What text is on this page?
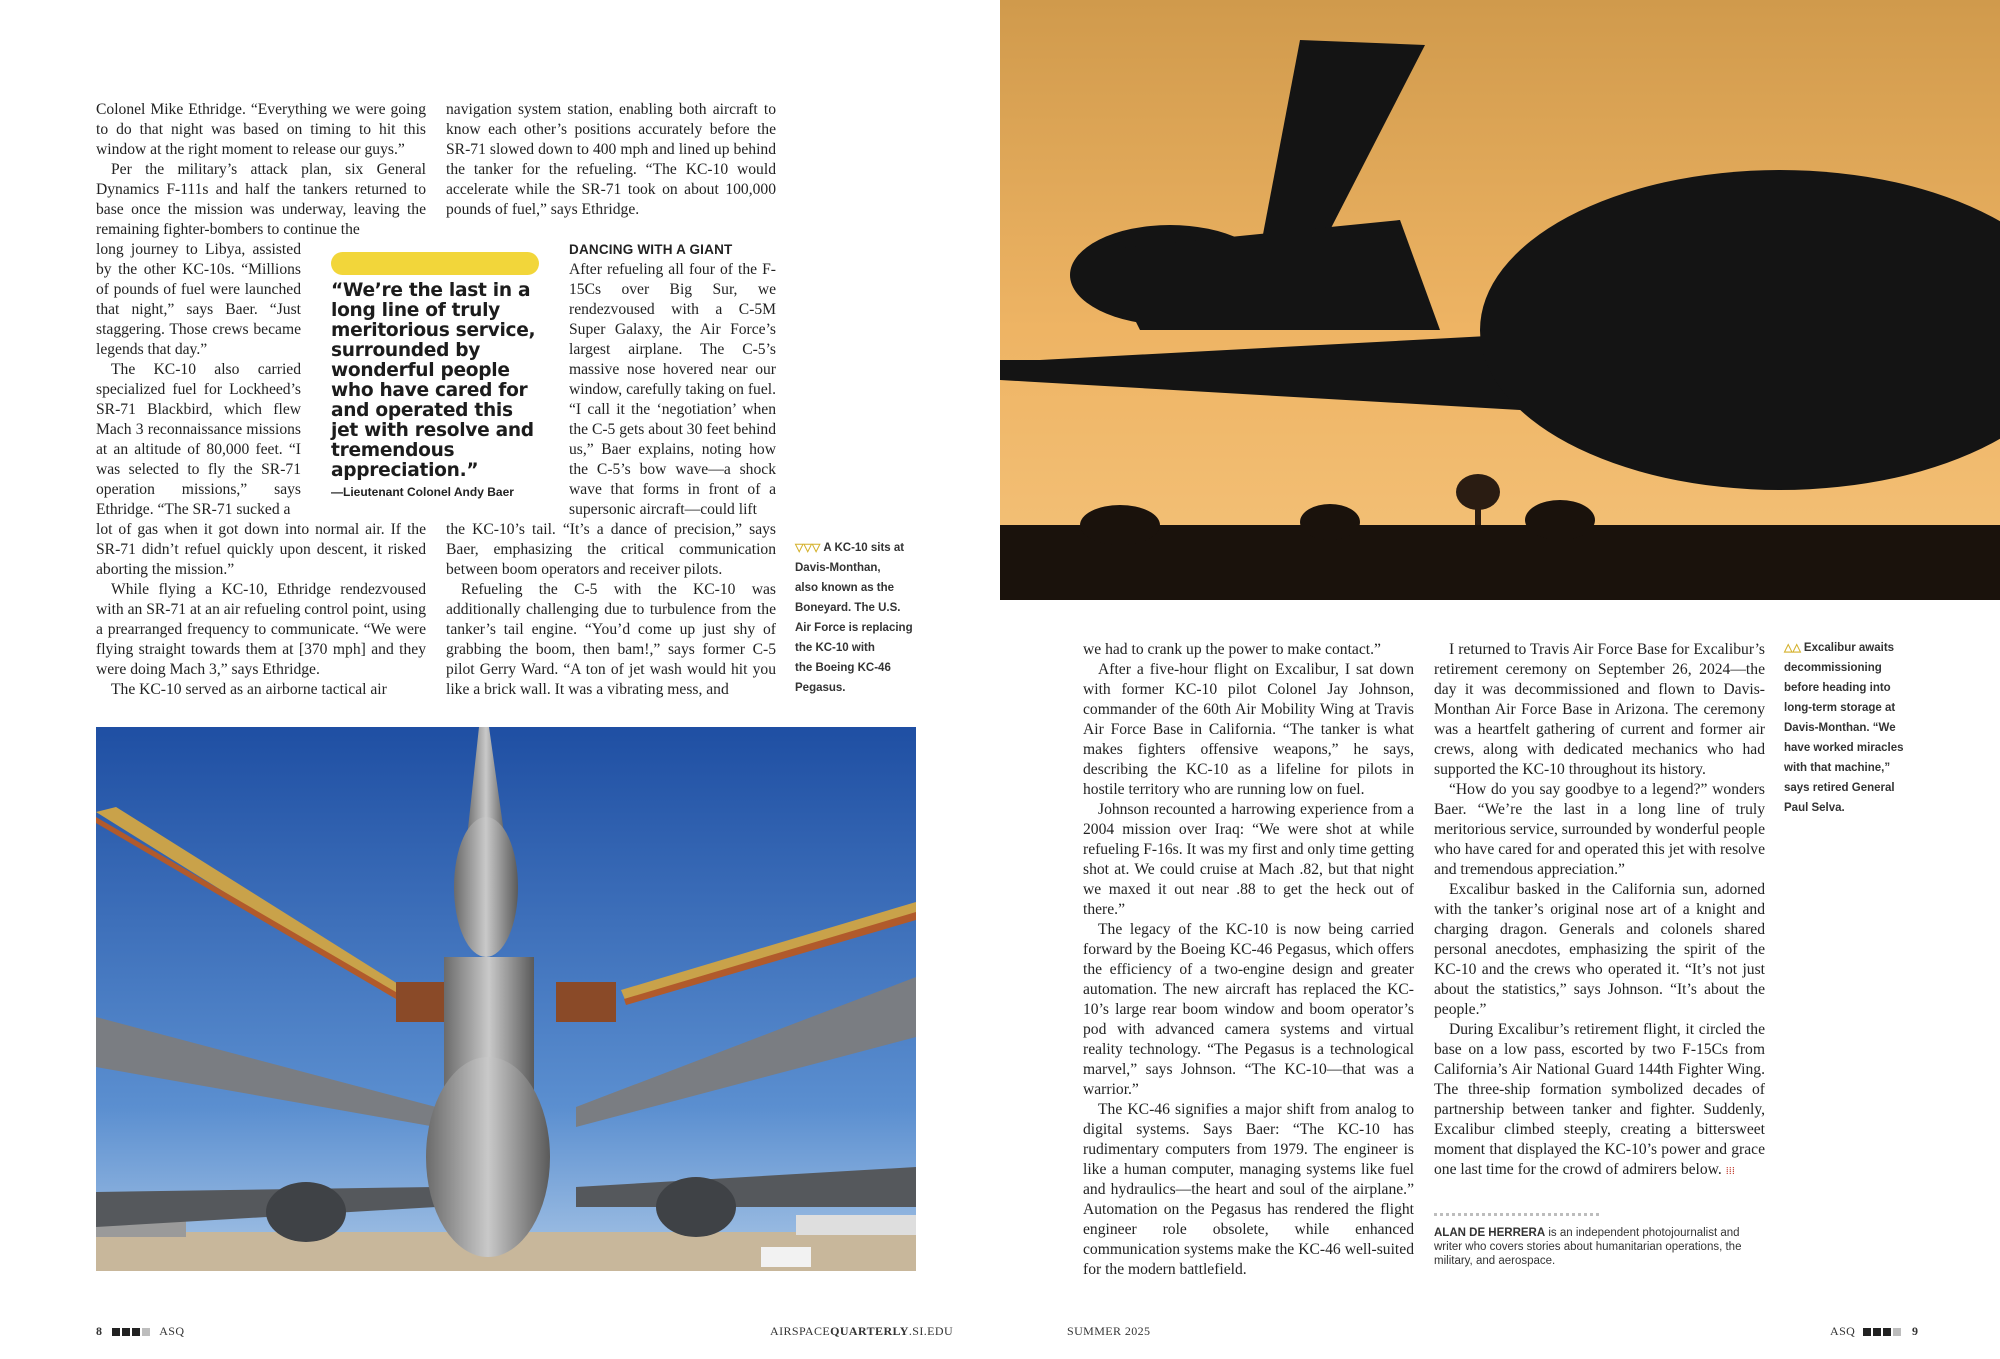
Colonel Mike Ethridge. “Everything we were going to do that night was based on timing to hit this window at the right moment to release our guys.”

Per the military’s attack plan, six General Dynamics F-111s and half the tankers returned to base once the mission was underway, leaving the remaining fighter-bombers to continue the

long journey to Libya, assisted by the other KC-10s. “Millions of pounds of fuel were launched that night,” says Baer. “Just staggering. Those crews became legends that day.”

The KC-10 also carried specialized fuel for Lockheed’s SR-71 Blackbird, which flew Mach 3 reconnaissance missions at an altitude of 80,000 feet. “I was selected to fly the SR-71 operation missions,” says Ethridge. “The SR-71 sucked a

lot of gas when it got down into normal air. If the SR-71 didn’t refuel quickly upon descent, it risked aborting the mission.”

While flying a KC-10, Ethridge rendezvoused with an SR-71 at an air refueling control point, using a prearranged frequency to communicate. “We were flying straight towards them at [370 mph] and they were doing Mach 3,” says Ethridge.

The KC-10 served as an airborne tactical air

navigation system station, enabling both aircraft to know each other’s positions accurately before the SR-71 slowed down to 400 mph and lined up behind the tanker for the refueling. “The KC-10 would accelerate while the SR-71 took on about 100,000 pounds of fuel,” says Ethridge.

DANCING WITH A GIANT

After refueling all four of the F-15Cs over Big Sur, we rendezvoused with a C-5M Super Galaxy, the Air Force’s largest airplane. The C-5’s massive nose hovered near our window, carefully taking on fuel. “I call it the ‘negotiation’ when the C-5 gets about 30 feet behind us,” Baer explains, noting how the C-5’s bow wave—a shock wave that forms in front of a supersonic aircraft—could lift

the KC-10’s tail. “It’s a dance of precision,” says Baer, emphasizing the critical communication between boom operators and receiver pilots.

Refueling the C-5 with the KC-10 was additionally challenging due to turbulence from the tanker’s tail engine. “You’d come up just shy of grabbing the boom, then bam!,” says former C-5 pilot Gerry Ward. “A ton of jet wash would hit you like a brick wall. It was a vibrating mess, and

“We’re the last in a long line of truly meritorious service, surrounded by wonderful people who have cared for and operated this jet with resolve and tremendous appreciation.”
—Lieutenant Colonel Andy Baer
▽▽▽ A KC-10 sits at
Davis-Monthan,
also known as the
Boneyard. The U.S.
Air Force is replacing
the KC-10 with
the Boeing KC-46
Pegasus.
8	ASQ	AIRSPACEQUARTERLY.SI.EDU

we had to crank up the power to make contact.”

After a five-hour flight on Excalibur, I sat down with former KC-10 pilot Colonel Jay Johnson, commander of the 60th Air Mobility Wing at Travis Air Force Base in California. “The tanker is what makes fighters offensive weapons,” he says, describing the KC-10 as a lifeline for pilots in hostile territory who are running low on fuel.

Johnson recounted a harrowing experience from a 2004 mission over Iraq: “We were shot at while refueling F-16s. It was my first and only time getting shot at. We could cruise at Mach .82, but that night we maxed it out near .88 to get the heck out of there.”

The legacy of the KC-10 is now being carried forward by the Boeing KC-46 Pegasus, which offers the efficiency of a two-engine design and greater automation. The new aircraft has replaced the KC-10’s large rear boom window and boom operator’s pod with advanced camera systems and virtual reality technology. “The Pegasus is a technological marvel,” says Johnson. “The KC-10—that was a warrior.”

The KC-46 signifies a major shift from analog to digital systems. Says Baer: “The KC-10 has rudimentary computers from 1979. The engineer is like a human computer, managing systems like fuel and hydraulics—the heart and soul of the airplane.” Automation on the Pegasus has rendered the flight engineer role obsolete, while enhanced communication systems make the KC-46 well-suited for the modern battlefield.

I returned to Travis Air Force Base for Excalibur’s retirement ceremony on September 26, 2024—the day it was decommissioned and flown to Davis-Monthan Air Force Base in Arizona. The ceremony was a heartfelt gathering of current and former air crews, along with dedicated mechanics who had supported the KC-10 throughout its history.

“How do you say goodbye to a legend?” wonders Baer. “We’re the last in a long line of truly meritorious service, surrounded by wonderful people who have cared for and operated this jet with resolve and tremendous appreciation.”

Excalibur basked in the California sun, adorned with the tanker’s original nose art of a knight and charging dragon. Generals and colonels shared personal anecdotes, emphasizing the spirit of the KC-10 and the crews who operated it. “It’s not just about the statistics,” says Johnson. “It’s about the people.”

During Excalibur’s retirement flight, it circled the base on a low pass, escorted by two F-15Cs from California’s Air National Guard 144th Fighter Wing. The three-ship formation symbolized decades of partnership between tanker and fighter. Suddenly, Excalibur climbed steeply, creating a bittersweet moment that displayed the KC-10’s power and grace one last time for the crowd of admirers below. ⁞⁞⁞

△△ Excalibur awaits
decommissioning
before heading into
long-term storage at
Davis-Monthan. “We
have worked miracles
with that machine,”
says retired General
Paul Selva.
ALAN DE HERRERA is an independent photojournalist and writer who covers stories about humanitarian operations, the military, and aerospace.
SUMMER 2025	ASQ	9
